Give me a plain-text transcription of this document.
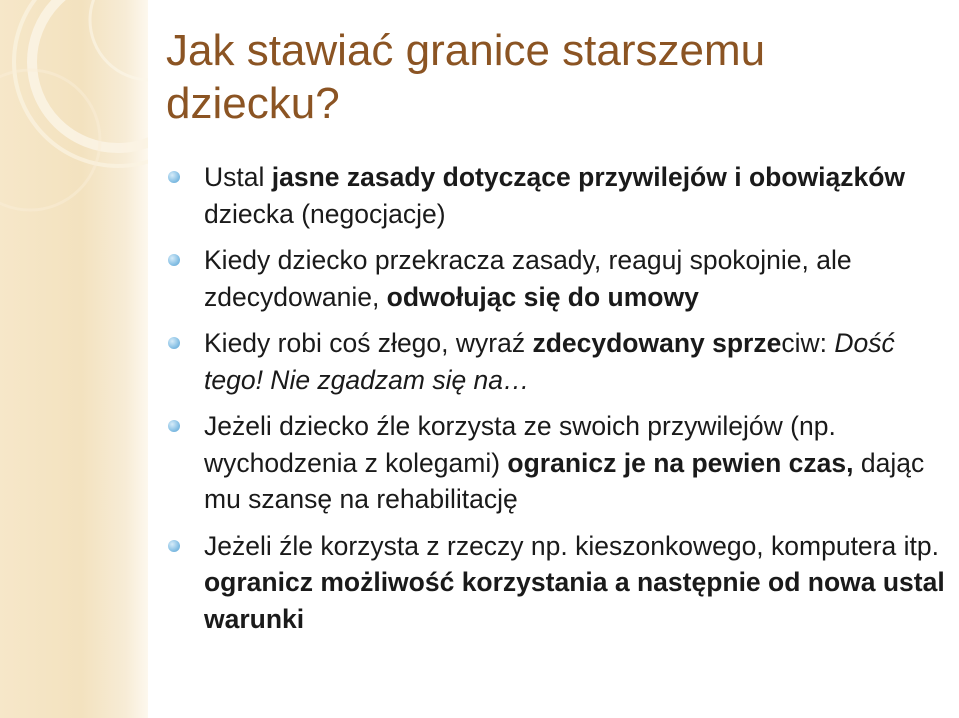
Jak stawiać granice starszemu
dziecku?
Ustal jasne zasady dotyczące przywilejów i obowiązków dziecka (negocjacje)
Kiedy dziecko przekracza zasady, reaguj spokojnie, ale zdecydowanie, odwołując się do umowy
Kiedy robi coś złego, wyraź zdecydowany sprzeciw: Dość tego! Nie zgadzam się na…
Jeżeli dziecko źle korzysta ze swoich przywilejów (np. wychodzenia z kolegami) ogranicz je na pewien czas, dając mu szansę na rehabilitację
Jeżeli źle korzysta z rzeczy np. kieszonkowego, komputera itp. ogranicz możliwość korzystania a następnie od nowa ustal warunki
